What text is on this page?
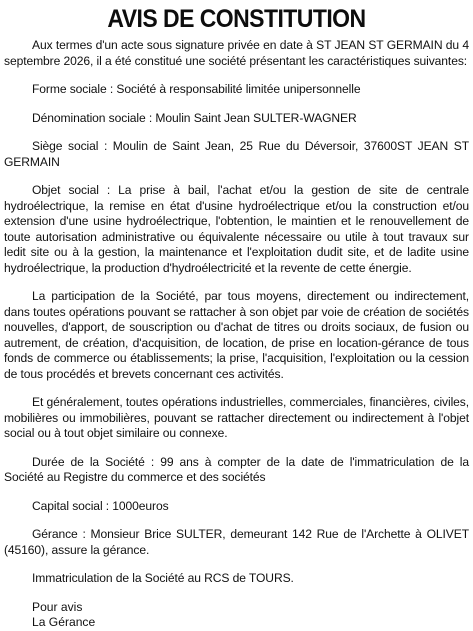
AVIS DE CONSTITUTION

Aux termes d'un acte sous signature privée en date à ST JEAN ST GERMAIN du 4 septembre 2026, il a été constitué une société présentant les caractéristiques suivantes:

Forme sociale : Société à responsabilité limitée unipersonnelle

Dénomination sociale : Moulin Saint Jean SULTER-WAGNER

Siège social : Moulin de Saint Jean, 25 Rue du Déversoir, 37600ST JEAN ST GERMAIN

Objet social : La prise à bail, l'achat et/ou la gestion de site de centrale hydroélectrique, la remise en état d'usine hydroélectrique et/ou la construction et/ou extension d'une usine hydroélectrique, l'obtention, le maintien et le renouvellement de toute autorisation administrative ou équivalente nécessaire ou utile à tout travaux sur ledit site ou à la gestion, la maintenance et l'exploitation dudit site, et de ladite usine hydroélectrique, la production d'hydroélectricité et la revente de cette énergie.

La participation de la Société, par tous moyens, directement ou indirectement, dans toutes opérations pouvant se rattacher à son objet par voie de création de sociétés nouvelles, d'apport, de souscription ou d'achat de titres ou droits sociaux, de fusion ou autrement, de création, d'acquisition, de location, de prise en location-gérance de tous fonds de commerce ou établissements; la prise, l'acquisition, l'exploitation ou la cession de tous procédés et brevets concernant ces activités.

Et généralement, toutes opérations industrielles, commerciales, financières, civiles, mobilières ou immobilières, pouvant se rattacher directement ou indirectement à l'objet social ou à tout objet similaire ou connexe.

Durée de la Société : 99 ans à compter de la date de l'immatriculation de la Société au Registre du commerce et des sociétés

Capital social : 1000euros

Gérance : Monsieur Brice SULTER, demeurant 142 Rue de l'Archette à OLIVET (45160), assure la gérance.

Immatriculation de la Société au RCS de TOURS.

Pour avis

La Gérance
